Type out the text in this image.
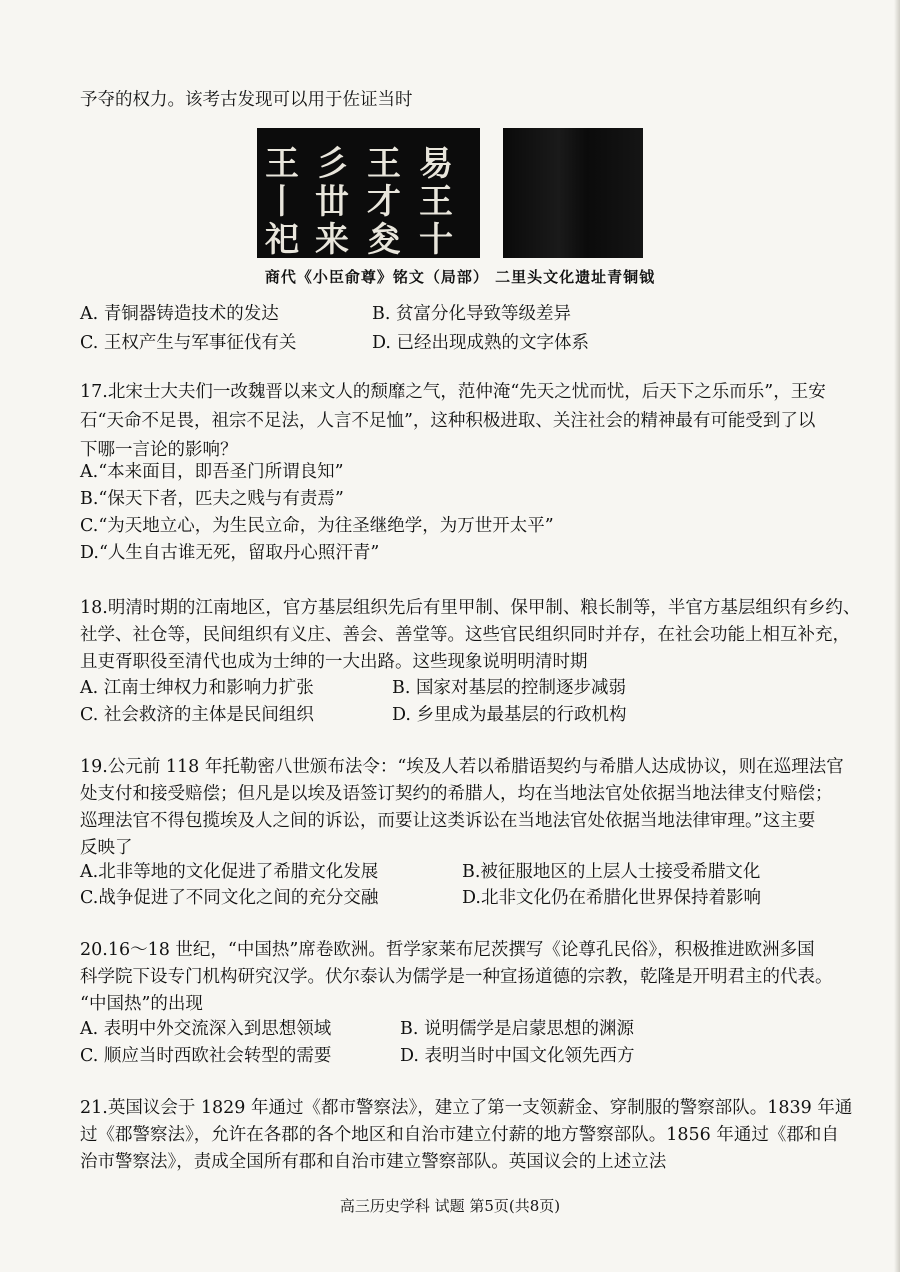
予夺的权力。该考古发现可以用于佐证当时
王
丨
祀
彡
丗
来
王
才
夋
易
王
十
商代《小臣俞尊》铭文（局部） 二里头文化遗址青铜钺
A. 青铜器铸造技术的发达	B. 贫富分化导致等级差异
C. 王权产生与军事征伐有关	D. 已经出现成熟的文字体系
17.北宋士大夫们一改魏晋以来文人的颓靡之气，范仲淹“先天之忧而忧，后天下之乐而乐”，王安
石“天命不足畏，祖宗不足法，人言不足恤”，这种积极进取、关注社会的精神最有可能受到了以
下哪一言论的影响？
A.“本来面目，即吾圣门所谓良知”
B.“保天下者，匹夫之贱与有责焉”
C.“为天地立心，为生民立命，为往圣继绝学，为万世开太平”
D.“人生自古谁无死，留取丹心照汗青”
18.明清时期的江南地区，官方基层组织先后有里甲制、保甲制、粮长制等，半官方基层组织有乡约、
社学、社仓等，民间组织有义庄、善会、善堂等。这些官民组织同时并存，在社会功能上相互补充，
且吏胥职役至清代也成为士绅的一大出路。这些现象说明明清时期
A. 江南士绅权力和影响力扩张	B. 国家对基层的控制逐步减弱
C. 社会救济的主体是民间组织	D. 乡里成为最基层的行政机构
19.公元前 118 年托勒密八世颁布法令：“埃及人若以希腊语契约与希腊人达成协议，则在巡理法官
处支付和接受赔偿；但凡是以埃及语签订契约的希腊人，均在当地法官处依据当地法律支付赔偿；
巡理法官不得包揽埃及人之间的诉讼，而要让这类诉讼在当地法官处依据当地法律审理。”这主要
反映了
A.北非等地的文化促进了希腊文化发展	B.被征服地区的上层人士接受希腊文化
C.战争促进了不同文化之间的充分交融	D.北非文化仍在希腊化世界保持着影响
20.16～18 世纪，“中国热”席卷欧洲。哲学家莱布尼茨撰写《论尊孔民俗》，积极推进欧洲多国
科学院下设专门机构研究汉学。伏尔泰认为儒学是一种宣扬道德的宗教，乾隆是开明君主的代表。
“中国热”的出现
A. 表明中外交流深入到思想领域	B. 说明儒学是启蒙思想的渊源
C. 顺应当时西欧社会转型的需要	D. 表明当时中国文化领先西方
21.英国议会于 1829 年通过《都市警察法》，建立了第一支领薪金、穿制服的警察部队。1839 年通
过《郡警察法》，允许在各郡的各个地区和自治市建立付薪的地方警察部队。1856 年通过《郡和自
治市警察法》，责成全国所有郡和自治市建立警察部队。英国议会的上述立法
高三历史学科 试题 第5页(共8页)
